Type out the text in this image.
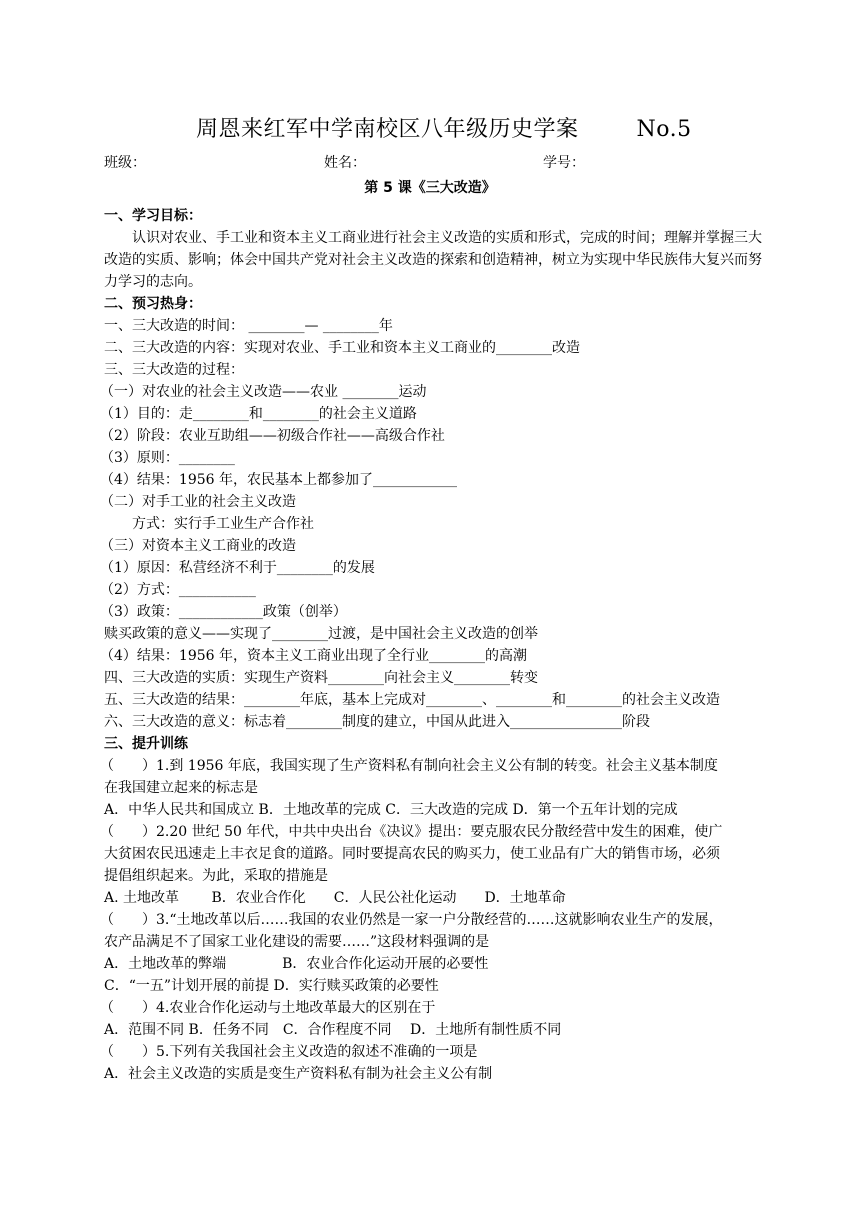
周恩来红军中学南校区八年级历史学案	No.5
班级：	姓名：	学号：
第 5 课《三大改造》
一、学习目标：
认识对农业、手工业和资本主义工商业进行社会主义改造的实质和形式，完成的时间；理解并掌握三大改造的实质、影响；体会中国共产党对社会主义改造的探索和创造精神，树立为实现中华民族伟大复兴而努力学习的志向。
二、预习热身：
一、三大改造的时间： ________— ________年
二、三大改造的内容：实现对农业、手工业和资本主义工商业的________改造
三、三大改造的过程：
（一）对农业的社会主义改造——农业 ________运动
（1）目的：走________和________的社会主义道路
（2）阶段：农业互助组——初级合作社——高级合作社
（3）原则：________
（4）结果：1956 年，农民基本上都参加了____________
（二）对手工业的社会主义改造
方式：实行手工业生产合作社
（三）对资本主义工商业的改造
（1）原因：私营经济不利于________的发展
（2）方式：___________
（3）政策：____________政策（创举）
赎买政策的意义——实现了________过渡，是中国社会主义改造的创举
（4）结果：1956 年，资本主义工商业出现了全行业________的高潮
四、三大改造的实质：实现生产资料________向社会主义________转变
五、三大改造的结果：________年底，基本上完成对________、________和________的社会主义改造
六、三大改造的意义：标志着________制度的建立，中国从此进入________________阶段
三、提升训练
（　　）1.到 1956 年底，我国实现了生产资料私有制向社会主义公有制的转变。社会主义基本制度
在我国建立起来的标志是
A．中华人民共和国成立 B．土地改革的完成 C．三大改造的完成 D．第一个五年计划的完成
（　　）2.20 世纪 50 年代，中共中央出台《决议》提出：要克服农民分散经营中发生的困难，使广
大贫困农民迅速走上丰衣足食的道路。同时要提高农民的购买力，使工业品有广大的销售市场，必须
提倡组织起来。为此，采取的措施是
A. 土地改革　　 B．农业合作化　　C．人民公社化运动　　D．土地革命
（　　）3.“土地改革以后……我国的农业仍然是一家一户分散经营的……这就影响农业生产的发展，
农产品满足不了国家工业化建设的需要……”这段材料强调的是
A．土地改革的弊端　　　　B．农业合作化运动开展的必要性
C．“一五”计划开展的前提 D．实行赎买政策的必要性
（　　）4.农业合作化运动与土地改革最大的区别在于
A．范围不同 B．任务不同　C．合作程度不同　 D．土地所有制性质不同
（　　）5.下列有关我国社会主义改造的叙述不准确的一项是
A．社会主义改造的实质是变生产资料私有制为社会主义公有制
